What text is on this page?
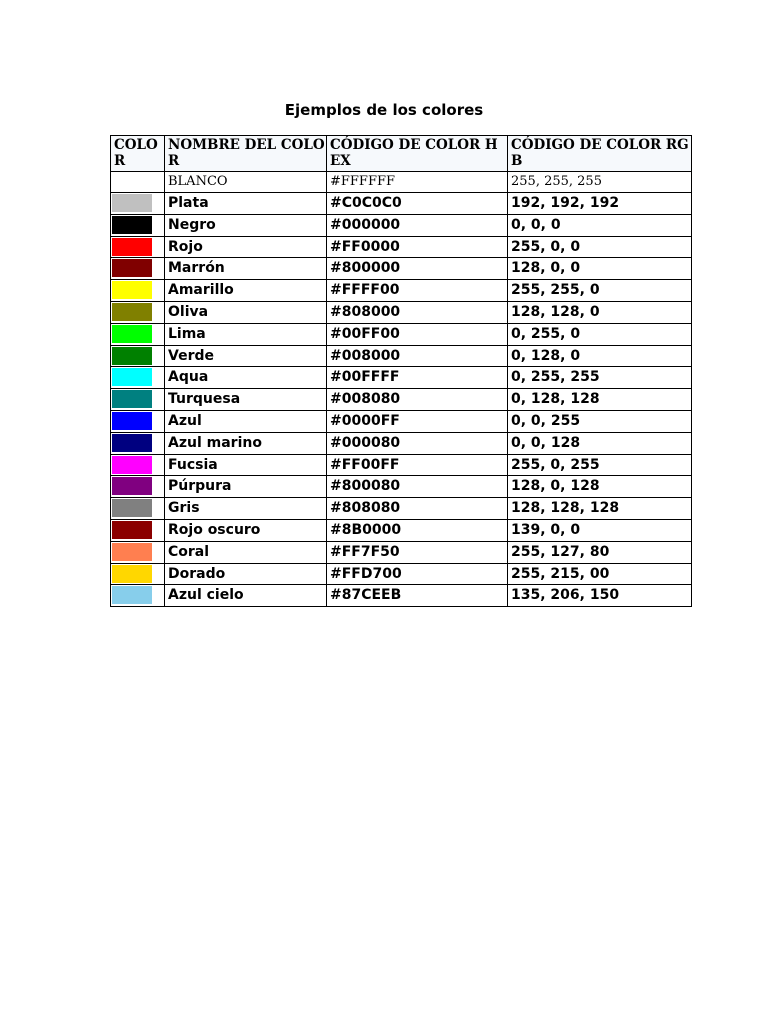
Ejemplos de los colores
COLOR	NOMBRE DEL COLOR	CÓDIGO DE COLOR HEX	CÓDIGO DE COLOR RGB

	BLANCO	#FFFFFF	255, 255, 255

	Plata	#C0C0C0	192, 192, 192

	Negro	#000000	0, 0, 0

	Rojo	#FF0000	255, 0, 0

	Marrón	#800000	128, 0, 0

	Amarillo	#FFFF00	255, 255, 0

	Oliva	#808000	128, 128, 0

	Lima	#00FF00	0, 255, 0

	Verde	#008000	0, 128, 0

	Aqua	#00FFFF	0, 255, 255

	Turquesa	#008080	0, 128, 128

	Azul	#0000FF	0, 0, 255

	Azul marino	#000080	0, 0, 128

	Fucsia	#FF00FF	255, 0, 255

	Púrpura	#800080	128, 0, 128

	Gris	#808080	128, 128, 128

	Rojo oscuro	#8B0000	139, 0, 0

	Coral	#FF7F50	255, 127, 80

	Dorado	#FFD700	255, 215, 00

	Azul cielo	#87CEEB	135, 206, 150
